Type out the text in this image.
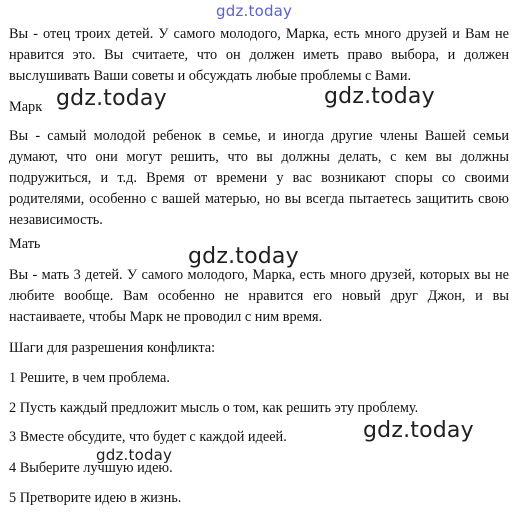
gdz.today

Вы - отец троих детей. У самого молодого, Марка, есть много друзей и Вам не нравится это. Вы считаете, что он должен иметь право выбора, и должен выслушивать Ваши советы и обсуждать любые проблемы с Вами.

Марк gdz.today	gdz.today

Вы - самый молодой ребенок в семье, и иногда другие члены Вашей семьи думают, что они могут решить, что вы должны делать, с кем вы должны подружиться, и т.д. Время от времени у вас возникают споры со своими родителями, особенно с вашей матерью, но вы всегда пытаетесь защитить свою независимость.

Мать	gdz.today

Вы - мать 3 детей. У самого молодого, Марка, есть много друзей, которых вы не любите вообще. Вам особенно не нравится его новый друг Джон, и вы настаиваете, чтобы Марк не проводил с ним время.

Шаги для разрешения конфликта:

1 Решите, в чем проблема.

2 Пусть каждый предложит мысль о том, как решить эту проблему.

3 Вместе обсудите, что будет с каждой идеей.	gdz.today
gdz.today

4 Выберите лучшую идею.

5 Претворите идею в жизнь.
